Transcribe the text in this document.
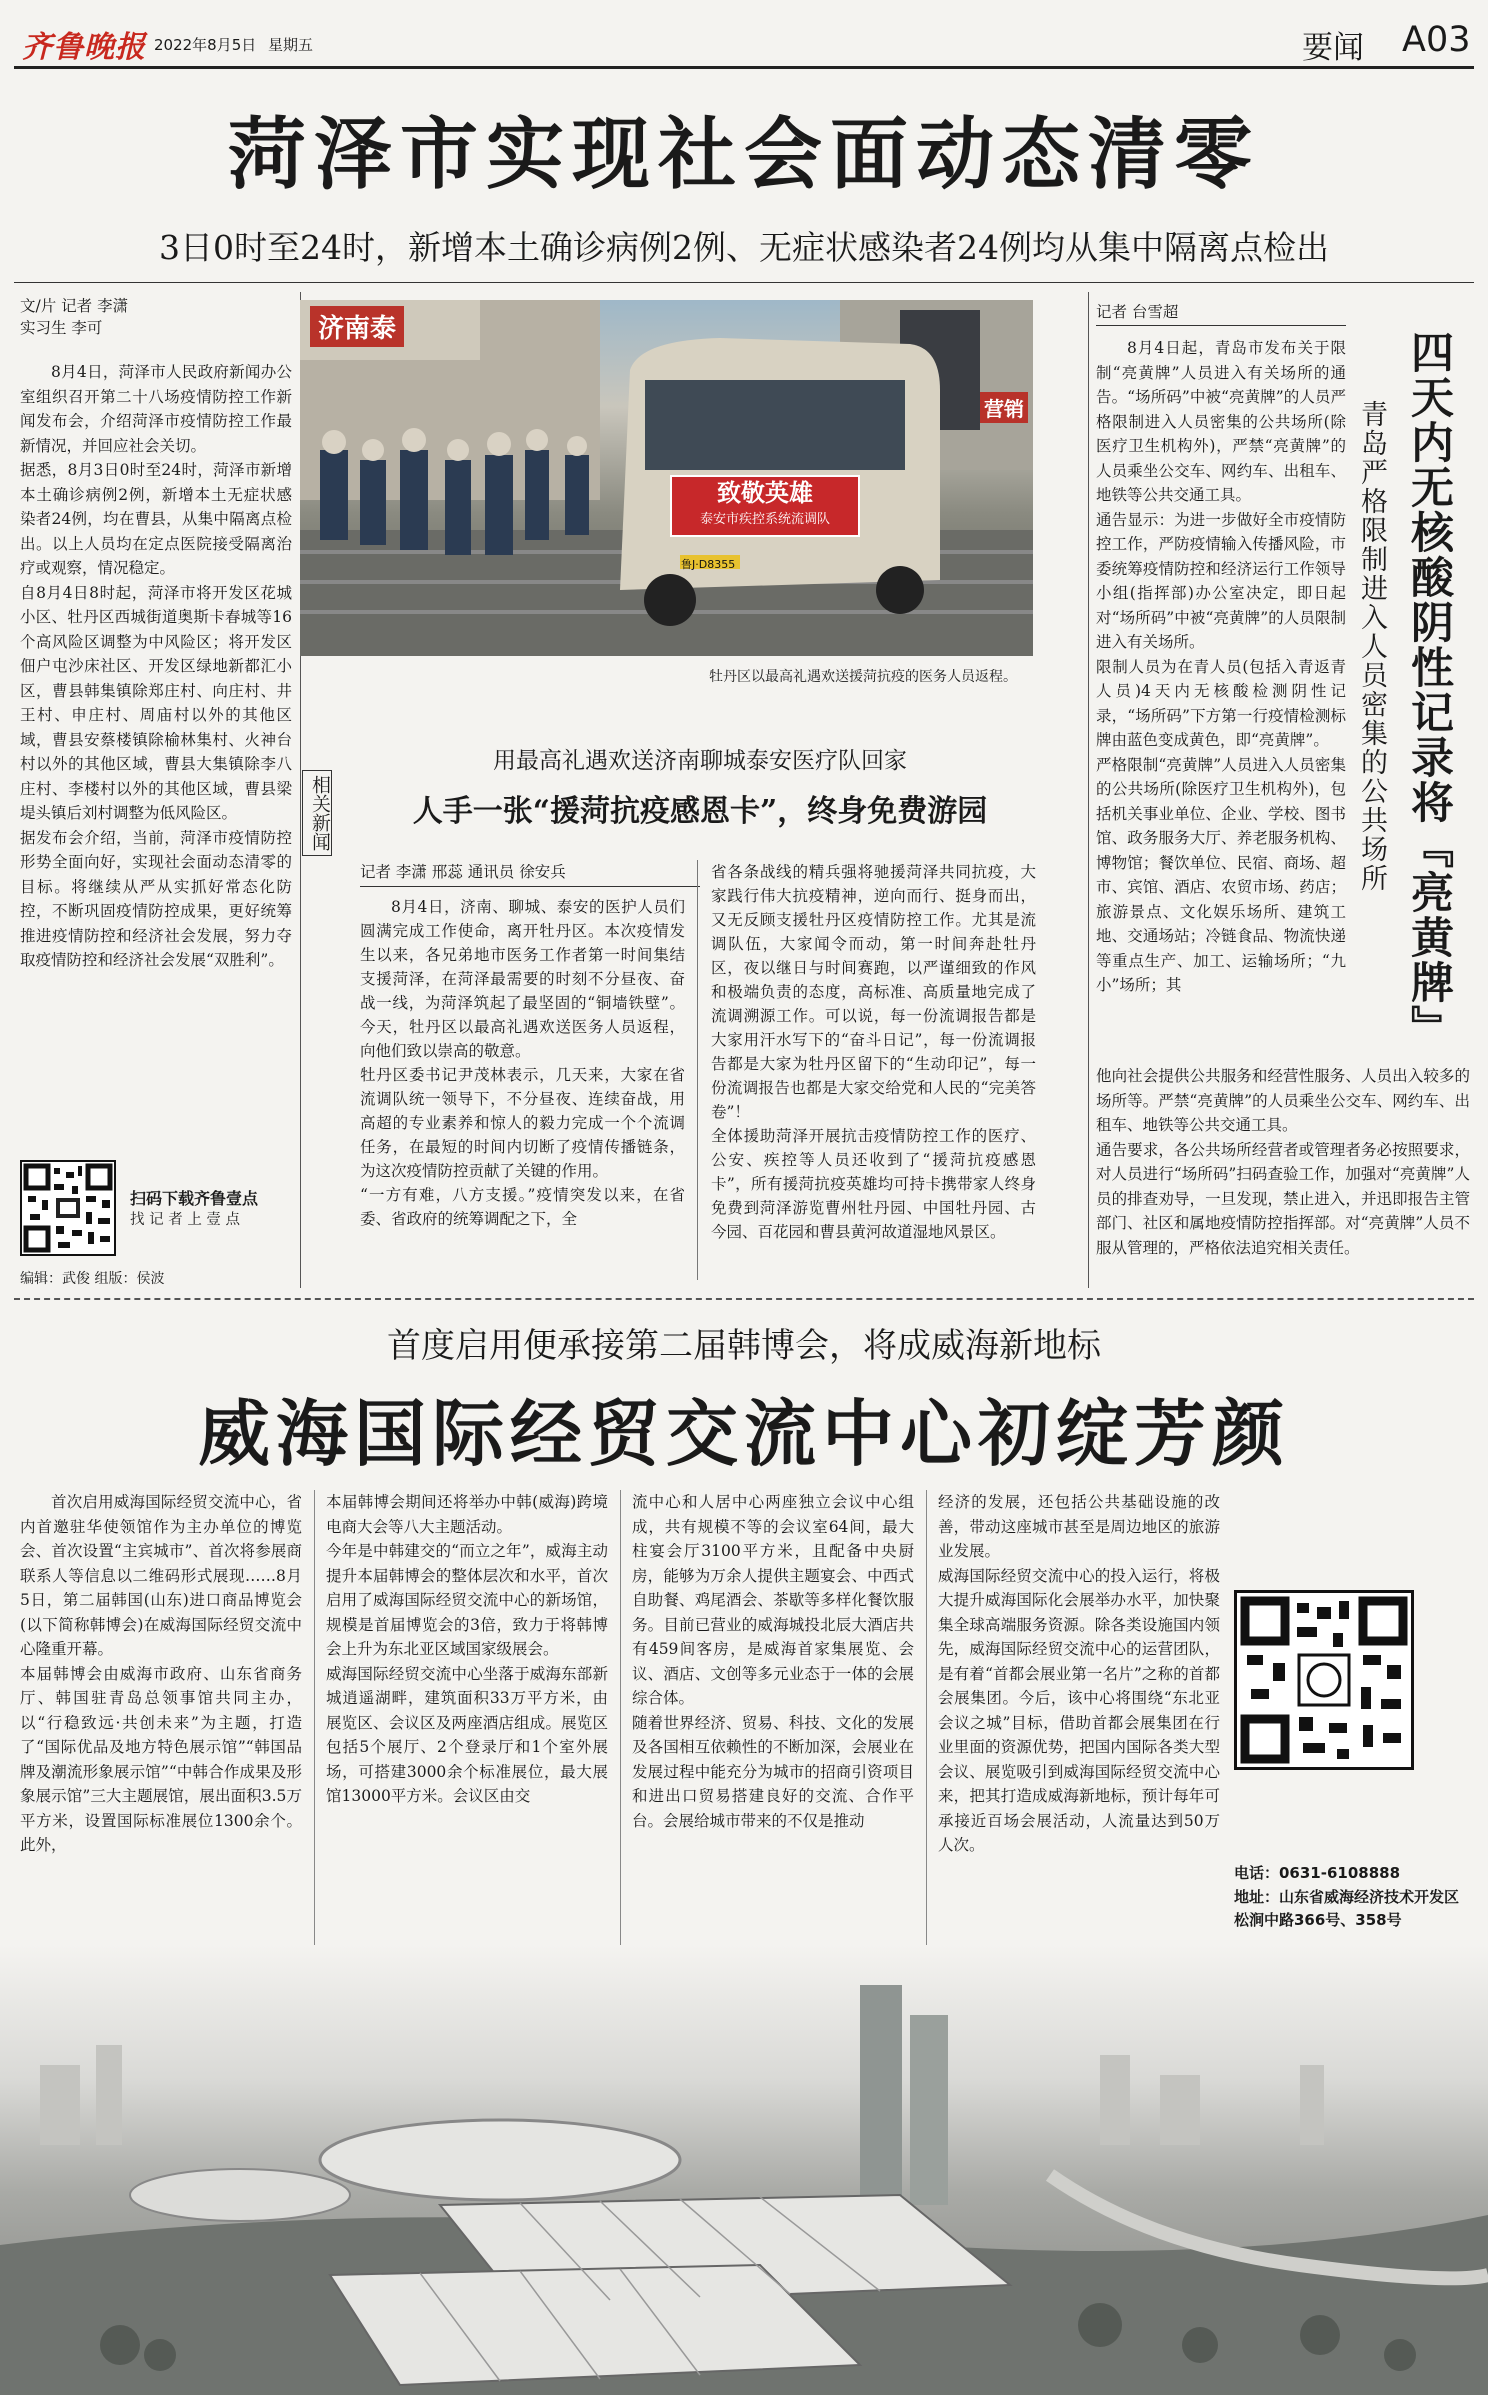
齐鲁晚报 2022年8月5日 星期五	要闻 A03
菏泽市实现社会面动态清零
3日0时至24时，新增本土确诊病例2例、无症状感染者24例均从集中隔离点检出
文/片 记者 李潇
实习生 李可
8月4日，菏泽市人民政府新闻办公室组织召开第二十八场疫情防控工作新闻发布会，介绍菏泽市疫情防控工作最新情况，并回应社会关切。
据悉，8月3日0时至24时，菏泽市新增本土确诊病例2例，新增本土无症状感染者24例，均在曹县，从集中隔离点检出。以上人员均在定点医院接受隔离治疗或观察，情况稳定。
自8月4日8时起，菏泽市将开发区花城小区、牡丹区西城街道奥斯卡春城等16个高风险区调整为中风险区；将开发区佃户屯沙床社区、开发区绿地新都汇小区，曹县韩集镇除郑庄村、向庄村、井王村、申庄村、周庙村以外的其他区域，曹县安蔡楼镇除榆林集村、火神台村以外的其他区域，曹县大集镇除李八庄村、李楼村以外的其他区域，曹县梁堤头镇后刘村调整为低风险区。
据发布会介绍，当前，菏泽市疫情防控形势全面向好，实现社会面动态清零的目标。将继续从严从实抓好常态化防控，不断巩固疫情防控成果，更好统筹推进疫情防控和经济社会发展，努力夺取疫情防控和经济社会发展“双胜利”。
扫码下载齐鲁壹点
找 记 者 上 壹 点
编辑：武俊 组版：侯波
济南泰
致敬英雄
泰安市疾控系统流调队
鲁J·D8355
营销
牡丹区以最高礼遇欢送援菏抗疫的医务人员返程。
相关新闻
用最高礼遇欢送济南聊城泰安医疗队回家
人手一张“援菏抗疫感恩卡”，终身免费游园
记者 李潇 邢蕊 通讯员 徐安兵
8月4日，济南、聊城、泰安的医护人员们圆满完成工作使命，离开牡丹区。本次疫情发生以来，各兄弟地市医务工作者第一时间集结支援菏泽，在菏泽最需要的时刻不分昼夜、奋战一线，为菏泽筑起了最坚固的“铜墙铁壁”。今天，牡丹区以最高礼遇欢送医务人员返程，向他们致以崇高的敬意。
牡丹区委书记尹茂林表示，几天来，大家在省流调队统一领导下，不分昼夜、连续奋战，用高超的专业素养和惊人的毅力完成一个个流调任务，在最短的时间内切断了疫情传播链条，为这次疫情防控贡献了关键的作用。
“一方有难，八方支援。”疫情突发以来，在省委、省政府的统筹调配之下，全
省各条战线的精兵强将驰援菏泽共同抗疫，大家践行伟大抗疫精神，逆向而行、挺身而出，又无反顾支援牡丹区疫情防控工作。尤其是流调队伍，大家闻令而动，第一时间奔赴牡丹区，夜以继日与时间赛跑，以严谨细致的作风和极端负责的态度，高标准、高质量地完成了流调溯源工作。可以说，每一份流调报告都是大家用汗水写下的“奋斗日记”，每一份流调报告都是大家为牡丹区留下的“生动印记”，每一份流调报告也都是大家交给党和人民的“完美答卷”！
全体援助菏泽开展抗击疫情防控工作的医疗、公安、疾控等人员还收到了“援菏抗疫感恩卡”，所有援菏抗疫英雄均可持卡携带家人终身免费到菏泽游览曹州牡丹园、中国牡丹园、古今园、百花园和曹县黄河故道湿地风景区。
记者 台雪超
8月4日起，青岛市发布关于限制“亮黄牌”人员进入有关场所的通告。“场所码”中被“亮黄牌”的人员严格限制进入人员密集的公共场所(除医疗卫生机构外)，严禁“亮黄牌”的人员乘坐公交车、网约车、出租车、地铁等公共交通工具。
通告显示：为进一步做好全市疫情防控工作，严防疫情输入传播风险，市委统筹疫情防控和经济运行工作领导小组(指挥部)办公室决定，即日起对“场所码”中被“亮黄牌”的人员限制进入有关场所。
限制人员为在青人员(包括入青返青人员)4天内无核酸检测阴性记录，“场所码”下方第一行疫情检测标牌由蓝色变成黄色，即“亮黄牌”。
严格限制“亮黄牌”人员进入人员密集的公共场所(除医疗卫生机构外)，包括机关事业单位、企业、学校、图书馆、政务服务大厅、养老服务机构、博物馆；餐饮单位、民宿、商场、超市、宾馆、酒店、农贸市场、药店；旅游景点、文化娱乐场所、建筑工地、交通场站；冷链食品、物流快递等重点生产、加工、运输场所；“九小”场所；其	四天内无核酸阴性记录将『亮黄牌』
青岛严格限制进入人员密集的公共场所
他向社会提供公共服务和经营性服务、人员出入较多的场所等。严禁“亮黄牌”的人员乘坐公交车、网约车、出租车、地铁等公共交通工具。
通告要求，各公共场所经营者或管理者务必按照要求，对人员进行“场所码”扫码查验工作，加强对“亮黄牌”人员的排查劝导，一旦发现，禁止进入，并迅即报告主管部门、社区和属地疫情防控指挥部。对“亮黄牌”人员不服从管理的，严格依法追究相关责任。
首度启用便承接第二届韩博会，将成威海新地标
威海国际经贸交流中心初绽芳颜
首次启用威海国际经贸交流中心，省内首邀驻华使领馆作为主办单位的博览会、首次设置“主宾城市”、首次将参展商联系人等信息以二维码形式展现……8月5日，第二届韩国(山东)进口商品博览会(以下简称韩博会)在威海国际经贸交流中心隆重开幕。
本届韩博会由威海市政府、山东省商务厅、韩国驻青岛总领事馆共同主办，以“行稳致远·共创未来”为主题，打造了“国际优品及地方特色展示馆”“韩国品牌及潮流形象展示馆”“中韩合作成果及形象展示馆”三大主题展馆，展出面积3.5万平方米，设置国际标准展位1300余个。此外，
本届韩博会期间还将举办中韩(威海)跨境电商大会等八大主题活动。
今年是中韩建交的“而立之年”，威海主动提升本届韩博会的整体层次和水平，首次启用了威海国际经贸交流中心的新场馆，规模是首届博览会的3倍，致力于将韩博会上升为东北亚区域国家级展会。
威海国际经贸交流中心坐落于威海东部新城逍遥湖畔，建筑面积33万平方米，由展览区、会议区及两座酒店组成。展览区包括5个展厅、2个登录厅和1个室外展场，可搭建3000余个标准展位，最大展馆13000平方米。会议区由交
流中心和人居中心两座独立会议中心组成，共有规模不等的会议室64间，最大柱宴会厅3100平方米，且配备中央厨房，能够为万余人提供主题宴会、中西式自助餐、鸡尾酒会、茶歇等多样化餐饮服务。目前已营业的威海城投北辰大酒店共有459间客房，是威海首家集展览、会议、酒店、文创等多元业态于一体的会展综合体。
随着世界经济、贸易、科技、文化的发展及各国相互依赖性的不断加深，会展业在发展过程中能充分为城市的招商引资项目和进出口贸易搭建良好的交流、合作平台。会展给城市带来的不仅是推动
经济的发展，还包括公共基础设施的改善，带动这座城市甚至是周边地区的旅游业发展。
威海国际经贸交流中心的投入运行，将极大提升威海国际化会展举办水平，加快聚集全球高端服务资源。除各类设施国内领先，威海国际经贸交流中心的运营团队，是有着“首都会展业第一名片”之称的首都会展集团。今后，该中心将围绕“东北亚会议之城”目标，借助首都会展集团在行业里面的资源优势，把国内国际各类大型会议、展览吸引到威海国际经贸交流中心来，把其打造成威海新地标，预计每年可承接近百场会展活动，人流量达到50万人次。
电话：0631-6108888
地址：山东省威海经济技术开发区松涧中路366号、358号
